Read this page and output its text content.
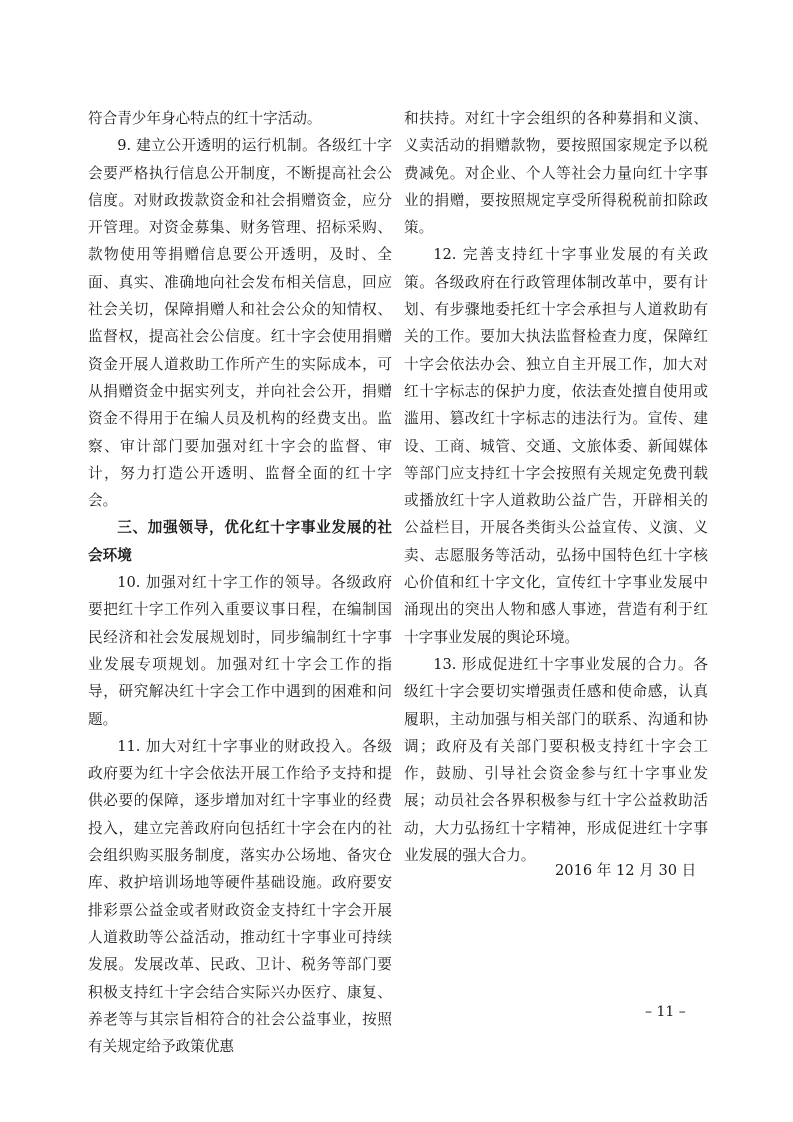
符合青少年身心特点的红十字活动。

9. 建立公开透明的运行机制。各级红十字会要严格执行信息公开制度，不断提高社会公信度。对财政拨款资金和社会捐赠资金，应分开管理。对资金募集、财务管理、招标采购、款物使用等捐赠信息要公开透明，及时、全面、真实、准确地向社会发布相关信息，回应社会关切，保障捐赠人和社会公众的知情权、监督权，提高社会公信度。红十字会使用捐赠资金开展人道救助工作所产生的实际成本，可从捐赠资金中据实列支，并向社会公开，捐赠资金不得用于在编人员及机构的经费支出。监察、审计部门要加强对红十字会的监督、审计，努力打造公开透明、监督全面的红十字会。

三、加强领导，优化红十字事业发展的社会环境

10. 加强对红十字工作的领导。各级政府要把红十字工作列入重要议事日程，在编制国民经济和社会发展规划时，同步编制红十字事业发展专项规划。加强对红十字会工作的指导，研究解决红十字会工作中遇到的困难和问题。

11. 加大对红十字事业的财政投入。各级政府要为红十字会依法开展工作给予支持和提供必要的保障，逐步增加对红十字事业的经费投入，建立完善政府向包括红十字会在内的社会组织购买服务制度，落实办公场地、备灾仓库、救护培训场地等硬件基础设施。政府要安排彩票公益金或者财政资金支持红十字会开展人道救助等公益活动，推动红十字事业可持续发展。发展改革、民政、卫计、税务等部门要积极支持红十字会结合实际兴办医疗、康复、养老等与其宗旨相符合的社会公益事业，按照有关规定给予政策优惠

和扶持。对红十字会组织的各种募捐和义演、义卖活动的捐赠款物，要按照国家规定予以税费减免。对企业、个人等社会力量向红十字事业的捐赠，要按照规定享受所得税税前扣除政策。

12. 完善支持红十字事业发展的有关政策。各级政府在行政管理体制改革中，要有计划、有步骤地委托红十字会承担与人道救助有关的工作。要加大执法监督检查力度，保障红十字会依法办会、独立自主开展工作，加大对红十字标志的保护力度，依法查处擅自使用或滥用、篡改红十字标志的违法行为。宣传、建设、工商、城管、交通、文旅体委、新闻媒体等部门应支持红十字会按照有关规定免费刊载或播放红十字人道救助公益广告，开辟相关的公益栏目，开展各类街头公益宣传、义演、义卖、志愿服务等活动，弘扬中国特色红十字核心价值和红十字文化，宣传红十字事业发展中涌现出的突出人物和感人事迹，营造有利于红十字事业发展的舆论环境。

13. 形成促进红十字事业发展的合力。各级红十字会要切实增强责任感和使命感，认真履职，主动加强与相关部门的联系、沟通和协调；政府及有关部门要积极支持红十字会工作，鼓励、引导社会资金参与红十字事业发展；动员社会各界积极参与红十字公益救助活动，大力弘扬红十字精神，形成促进红十字事业发展的强大合力。

2016 年 12 月 30 日
– 11 –
